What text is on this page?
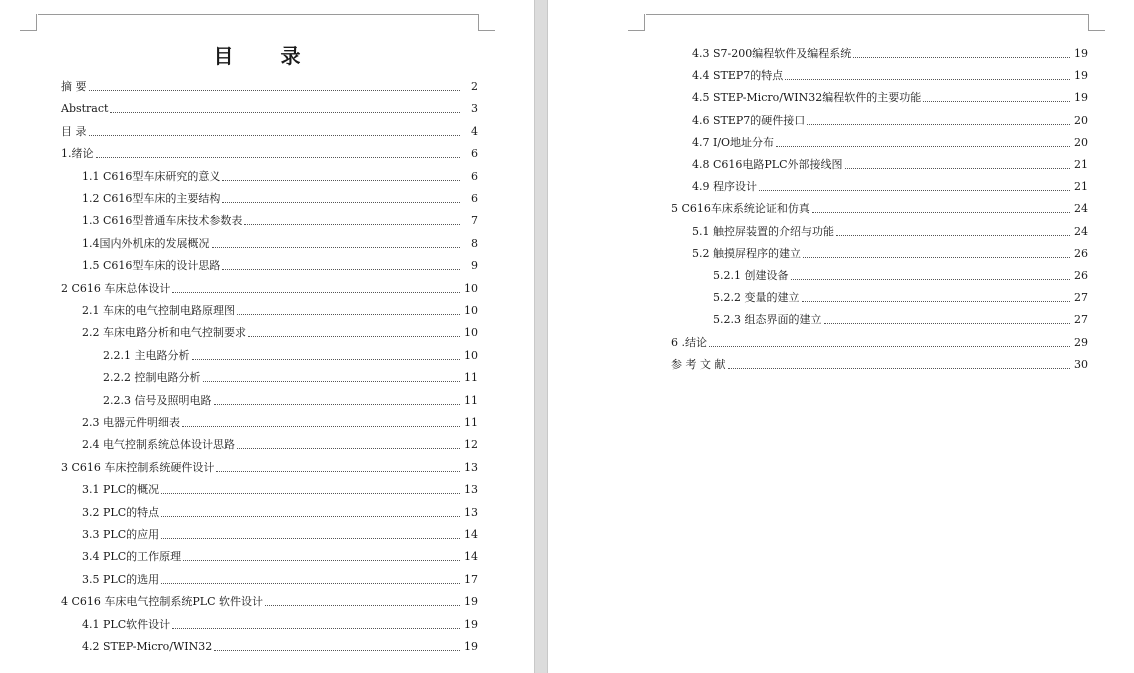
目 录
摘 要	2
Abstract	3
目 录	4
1.绪论	6
1.1 C616型车床研究的意义	6
1.2 C616型车床的主要结构	6
1.3 C616型普通车床技术参数表	7
1.4国内外机床的发展概况	8
1.5 C616型车床的设计思路	9
2 C616 车床总体设计	10
2.1 车床的电气控制电路原理图	10
2.2 车床电路分析和电气控制要求	10
2.2.1 主电路分析	10
2.2.2 控制电路分析	11
2.2.3 信号及照明电路	11
2.3 电器元件明细表	11
2.4 电气控制系统总体设计思路	12
3 C616 车床控制系统硬件设计	13
3.1 PLC的概况	13
3.2 PLC的特点	13
3.3 PLC的应用	14
3.4 PLC的工作原理	14
3.5 PLC的选用	17
4 C616 车床电气控制系统PLC 软件设计	19
4.1 PLC软件设计	19
4.2 STEP-Micro/WIN32	19
4.3 S7-200编程软件及编程系统	19
4.4 STEP7的特点	19
4.5 STEP-Micro/WIN32编程软件的主要功能	19
4.6 STEP7的硬件接口	20
4.7 I/O地址分布	20
4.8 C616电路PLC外部接线图	21
4.9 程序设计	21
5 C616车床系统论证和仿真	24
5.1 触控屏装置的介绍与功能	24
5.2 触摸屏程序的建立	26
5.2.1 创建设备	26
5.2.2 变量的建立	27
5.2.3 组态界面的建立	27
6 .结论	29
参 考 文 献	30
